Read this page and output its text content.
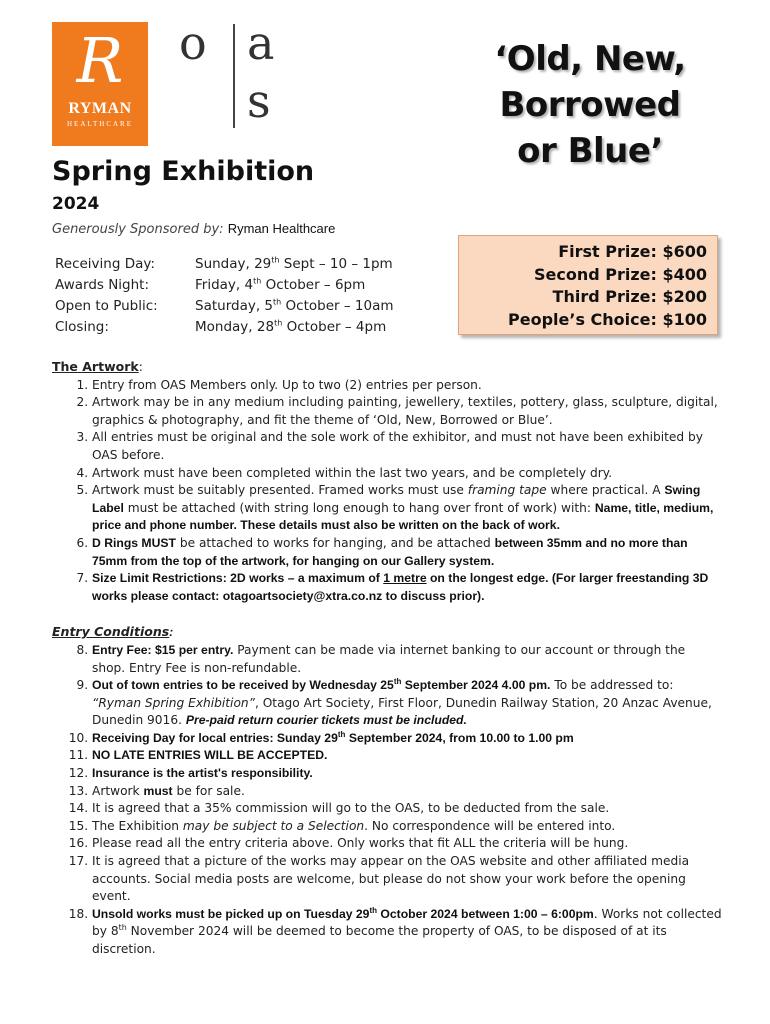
R
RYMAN
HEALTHCARE
o a
s
‘Old, New,
Borrowed
or Blue’
Spring Exhibition
2024
Generously Sponsored by: Ryman Healthcare
Receiving Day:	Sunday, 29th Sept – 10 – 1pm
Awards Night:	Friday, 4th October – 6pm
Open to Public:	Saturday, 5th October – 10am
Closing:	Monday, 28th October – 4pm
First Prize: $600
Second Prize: $400
Third Prize: $200
People’s Choice: $100
The Artwork:
1. Entry from OAS Members only. Up to two (2) entries per person.
2. Artwork may be in any medium including painting, jewellery, textiles, pottery, glass, sculpture, digital, graphics & photography, and fit the theme of ‘Old, New, Borrowed or Blue’.
3. All entries must be original and the sole work of the exhibitor, and must not have been exhibited by OAS before.
4. Artwork must have been completed within the last two years, and be completely dry.
5. Artwork must be suitably presented. Framed works must use framing tape where practical. A Swing Label must be attached (with string long enough to hang over front of work) with: Name, title, medium, price and phone number. These details must also be written on the back of work.
6. D Rings MUST be attached to works for hanging, and be attached between 35mm and no more than 75mm from the top of the artwork, for hanging on our Gallery system.
7. Size Limit Restrictions: 2D works – a maximum of 1 metre on the longest edge. (For larger freestanding 3D works please contact: otagoartsociety@xtra.co.nz to discuss prior).
Entry Conditions:
8. Entry Fee: $15 per entry. Payment can be made via internet banking to our account or through the shop. Entry Fee is non-refundable.
9. Out of town entries to be received by Wednesday 25th September 2024 4.00 pm. To be addressed to: “Ryman Spring Exhibition”, Otago Art Society, First Floor, Dunedin Railway Station, 20 Anzac Avenue, Dunedin 9016. Pre-paid return courier tickets must be included.
10. Receiving Day for local entries: Sunday 29th September 2024, from 10.00 to 1.00 pm
11. NO LATE ENTRIES WILL BE ACCEPTED.
12. Insurance is the artist's responsibility.
13. Artwork must be for sale.
14. It is agreed that a 35% commission will go to the OAS, to be deducted from the sale.
15. The Exhibition may be subject to a Selection. No correspondence will be entered into.
16. Please read all the entry criteria above. Only works that fit ALL the criteria will be hung.
17. It is agreed that a picture of the works may appear on the OAS website and other affiliated media accounts. Social media posts are welcome, but please do not show your work before the opening event.
18. Unsold works must be picked up on Tuesday 29th October 2024 between 1:00 – 6:00pm. Works not collected by 8th November 2024 will be deemed to become the property of OAS, to be disposed of at its discretion.
